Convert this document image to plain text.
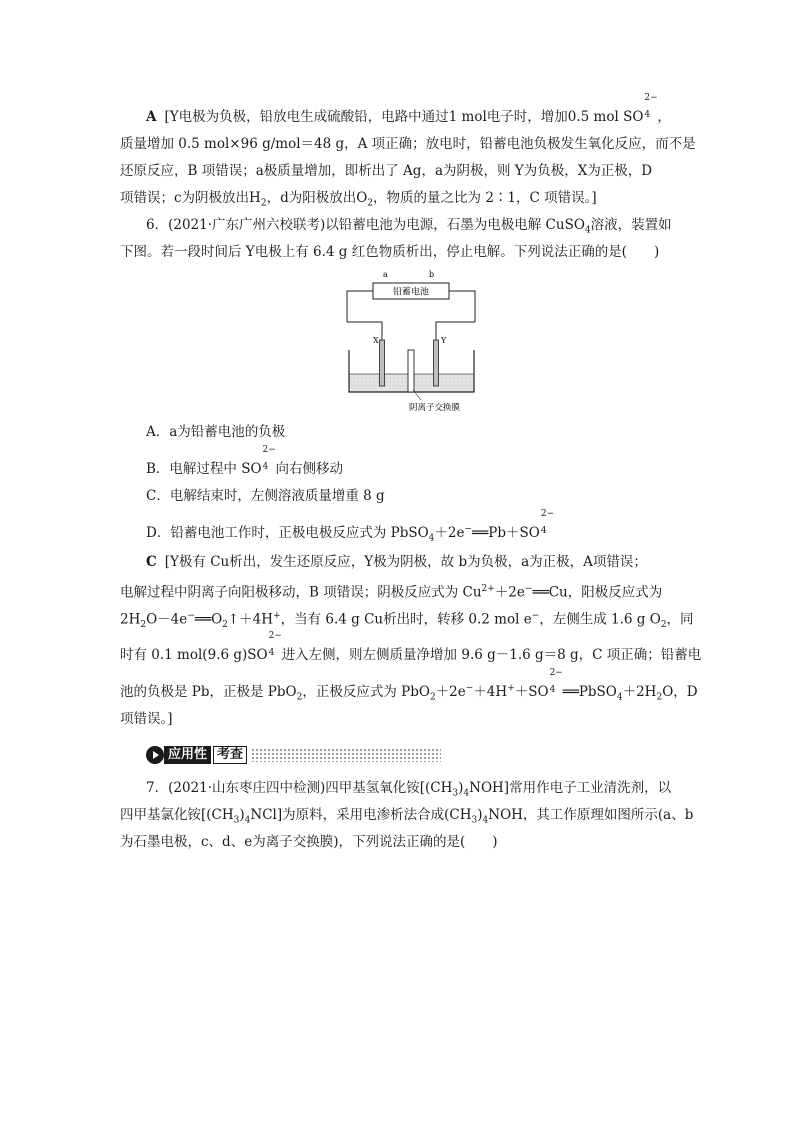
A [Y电极为负极，铅放电生成硫酸铅，电路中通过1 mol电子时，增加0.5 mol SO
2−
4 ，
质量增加 0.5 mol×96 g/mol＝48 g，A 项正确；放电时，铅蓄电池负极发生氧化反应，而不是
还原反应，B 项错误；a极质量增加，即析出了 Ag，a为阴极，则 Y为负极，X为正极，D
项错误；c为阴极放出$H_2$，d为阳极放出$O_2$，物质的量之比为 2∶1，C 项错误。]
6．(2021·广东广州六校联考)以铅蓄电池为电源，石墨为电极电解 CuSO$_4$溶液，装置如
下图。若一段时间后 Y电极上有 6.4 g 红色物质析出，停止电解。下列说法正确的是(　　)
a	b
铅蓄电池
X	Y
阴离子交换膜
A．a为铅蓄电池的负极
B．电解过程中 SO
2−
4 向右侧移动
C．电解结束时，左侧溶液质量增重 8 g
D．铅蓄电池工作时，正极电极反应式为 PbSO$_4$＋2e−══Pb＋SO
2−
4
C [Y极有 Cu析出，发生还原反应，Y极为阴极，故 b为负极，a为正极，A项错误；
电解过程中阴离子向阳极移动，B 项错误；阴极反应式为 $Cu^{2+}+2e^-══Cu$，阳极反应式为
$2H_2O-4e^-══O_2↑+4H^+$，当有 6.4 g Cu析出时，转移 0.2 mol e−，左侧生成 1.6 g $O_2$，同
时有 0.1 mol(9.6 g)SO
2−
4 进入左侧，则左侧质量净增加 9.6 g－1.6 g＝8 g，C 项正确；铅蓄电
池的负极是 Pb，正极是 PbO$_2$，正极反应式为 PbO$_2$＋2e−＋4H+＋SO
2−
4 $══PbSO_4+2H_2O$，D
项错误。]
应用性 考查
7．(2021·山东枣庄四中检测)四甲基氢氧化铵$[(CH_3)_4NOH]$常用作电子工业清洗剂，以
四甲基氯化铵$[(CH_3)_4NCl]$为原料，采用电渗析法合成$(CH_3)_4NOH$，其工作原理如图所示(a、b
为石墨电极，c、d、e为离子交换膜)，下列说法正确的是(　　)
